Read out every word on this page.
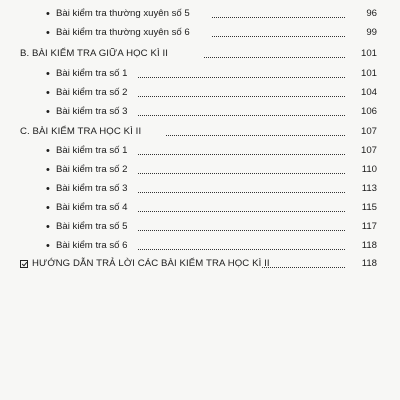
• Bài kiểm tra thường xuyên số 5	96
• Bài kiểm tra thường xuyên số 6	99
B. BÀI KIỂM TRA GIỮA HỌC KÌ II	101
• Bài kiểm tra số 1	101
• Bài kiểm tra số 2	104
• Bài kiểm tra số 3	106
C. BÀI KIỂM TRA HỌC KÌ II	107
• Bài kiểm tra số 1	107
• Bài kiểm tra số 2	110
• Bài kiểm tra số 3	113
• Bài kiểm tra số 4	115
• Bài kiểm tra số 5	117
• Bài kiểm tra số 6	118
HƯỚNG DẪN TRẢ LỜI CÁC BÀI KIỂM TRA HỌC KÌ II	118
